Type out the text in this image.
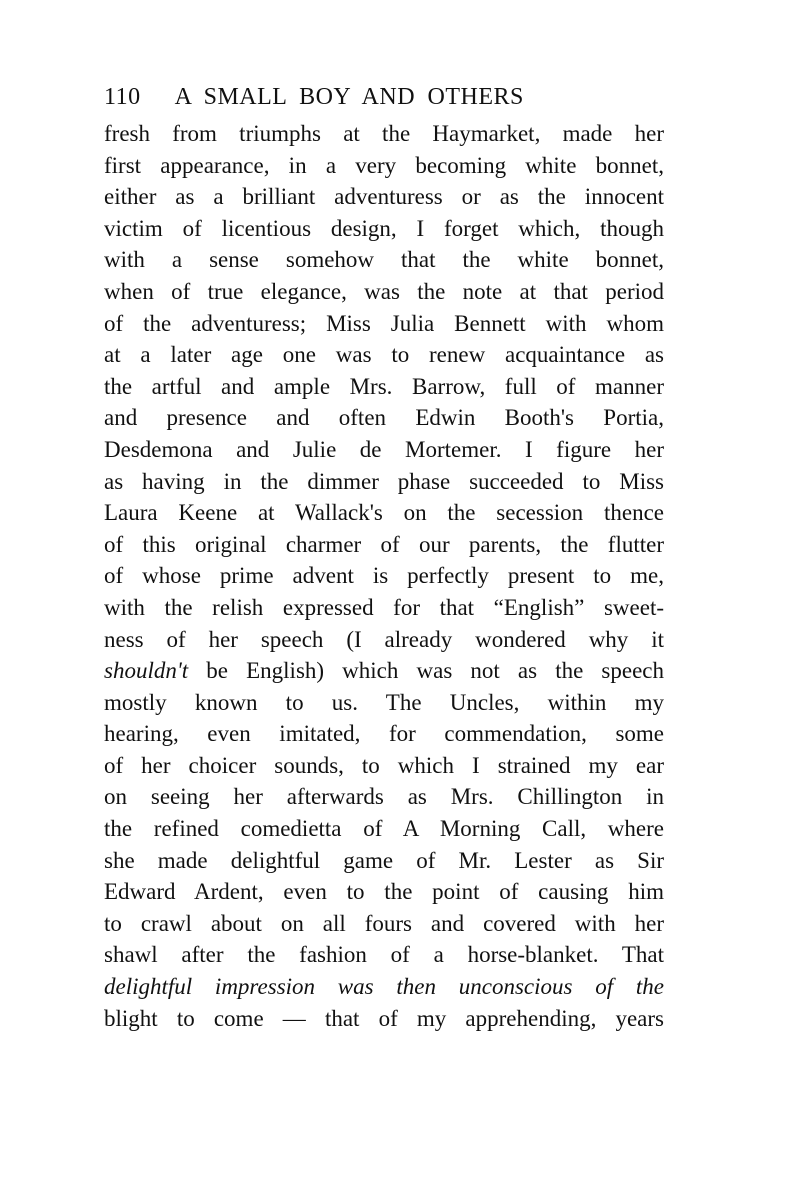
110 A SMALL BOY AND OTHERS
fresh from triumphs at the Haymarket, made her
first appearance, in a very becoming white bonnet,
either as a brilliant adventuress or as the innocent
victim of licentious design, I forget which, though
with a sense somehow that the white bonnet,
when of true elegance, was the note at that period
of the adventuress; Miss Julia Bennett with whom
at a later age one was to renew acquaintance as
the artful and ample Mrs. Barrow, full of manner
and presence and often Edwin Booth's Portia,
Desdemona and Julie de Mortemer. I figure her
as having in the dimmer phase succeeded to Miss
Laura Keene at Wallack's on the secession thence
of this original charmer of our parents, the flutter
of whose prime advent is perfectly present to me,
with the relish expressed for that “English” sweet-
ness of her speech (I already wondered why it
shouldn't be English) which was not as the speech
mostly known to us. The Uncles, within my
hearing, even imitated, for commendation, some
of her choicer sounds, to which I strained my ear
on seeing her afterwards as Mrs. Chillington in
the refined comedietta of A Morning Call, where
she made delightful game of Mr. Lester as Sir
Edward Ardent, even to the point of causing him
to crawl about on all fours and covered with her
shawl after the fashion of a horse-blanket. That
delightful impression was then unconscious of the
blight to come — that of my apprehending, years
